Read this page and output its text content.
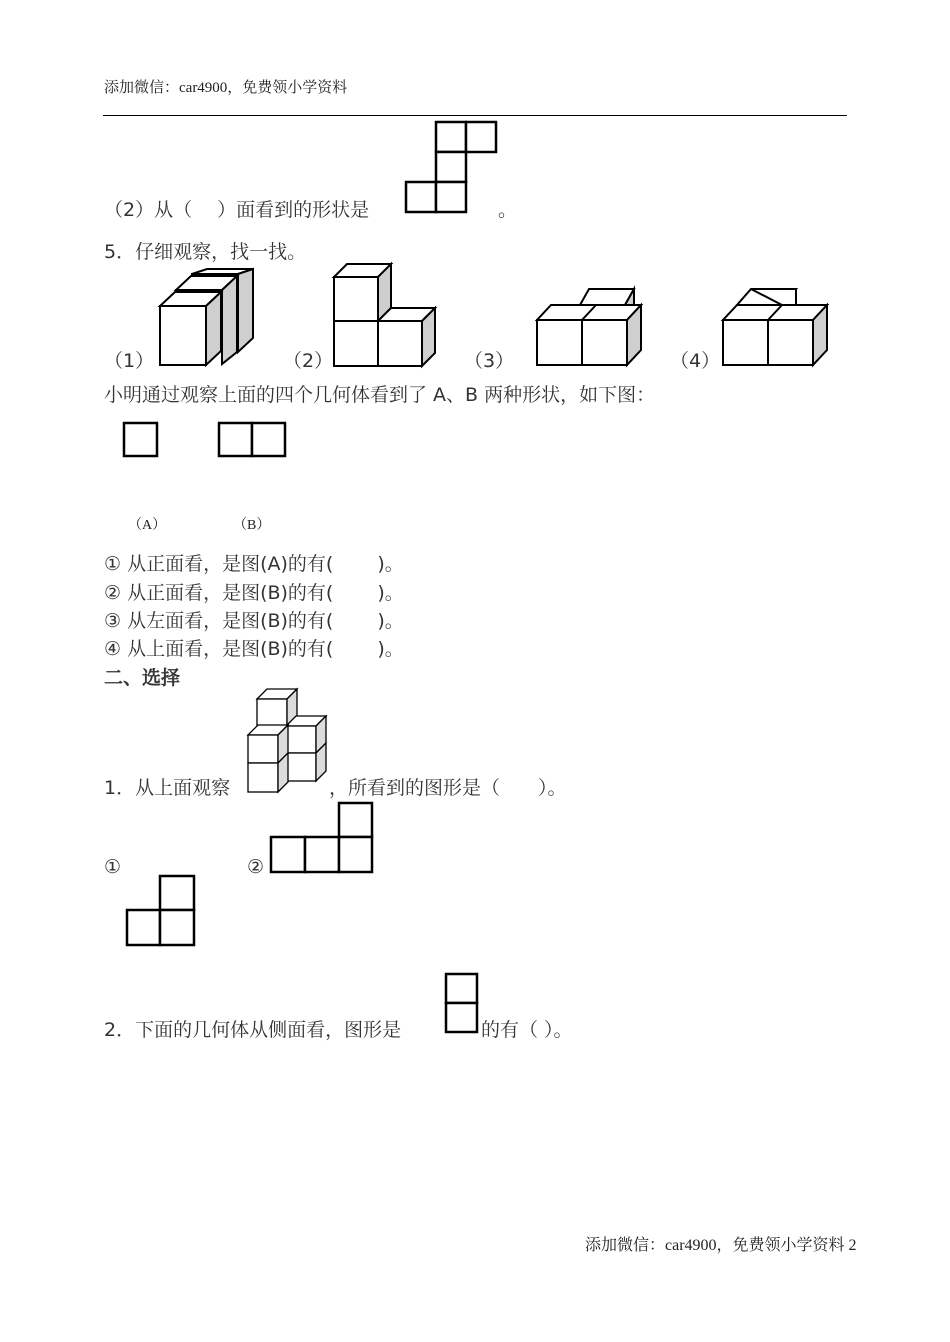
添加微信：car4900，免费领小学资料
（2）从（　 ）面看到的形状是	。
5．仔细观察，找一找。
（1）	（2）	（3）	（4）
小明通过观察上面的四个几何体看到了 A、B 两种形状，如下图：
（A）	（B）
① 从正面看，是图(A)的有(　　 )。
② 从正面看，是图(B)的有(　　 )。
③ 从左面看，是图(B)的有(　　 )。
④ 从上面看，是图(B)的有(　　 )。
二、选择
1．从上面观察	，所看到的图形是（　　）。
①	②
2．下面的几何体从侧面看，图形是	的有（ ）。
添加微信：car4900，免费领小学资料 2
